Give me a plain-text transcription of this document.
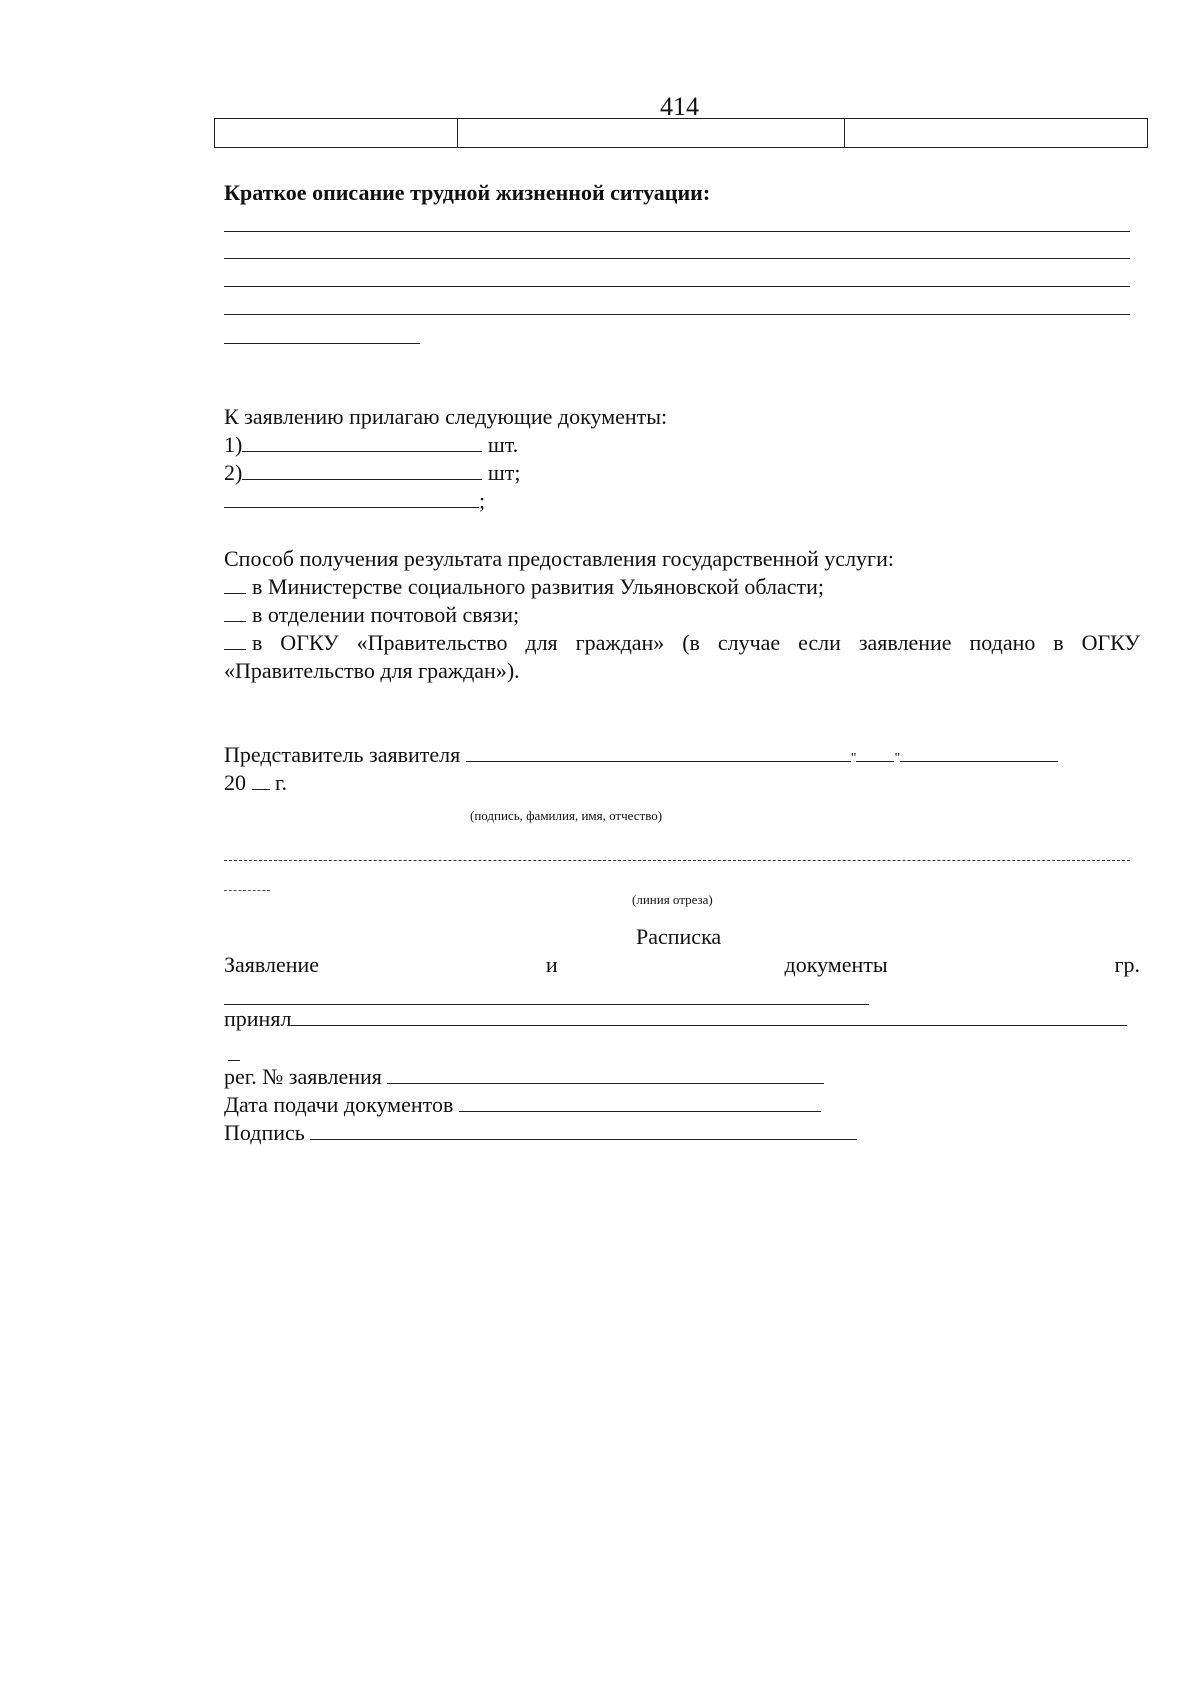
414

Краткое описание трудной жизненной ситуации:
К заявлению прилагаю следующие документы:
1)	шт.
2)	шт;
;
Способ получения результата предоставления государственной услуги:
в Министерстве социального развития Ульяновской области;
в отделении почтовой связи;
в ОГКУ «Правительство для граждан» (в случае если заявление подано в ОГКУ
«Правительство для граждан»).
Представитель заявителя	"	"
20 г.
(подпись, фамилия, имя, отчество)
(линия отреза)
Расписка
Заявление	и	документы	гр.
принял
рег. № заявления
Дата подачи документов
Подпись
